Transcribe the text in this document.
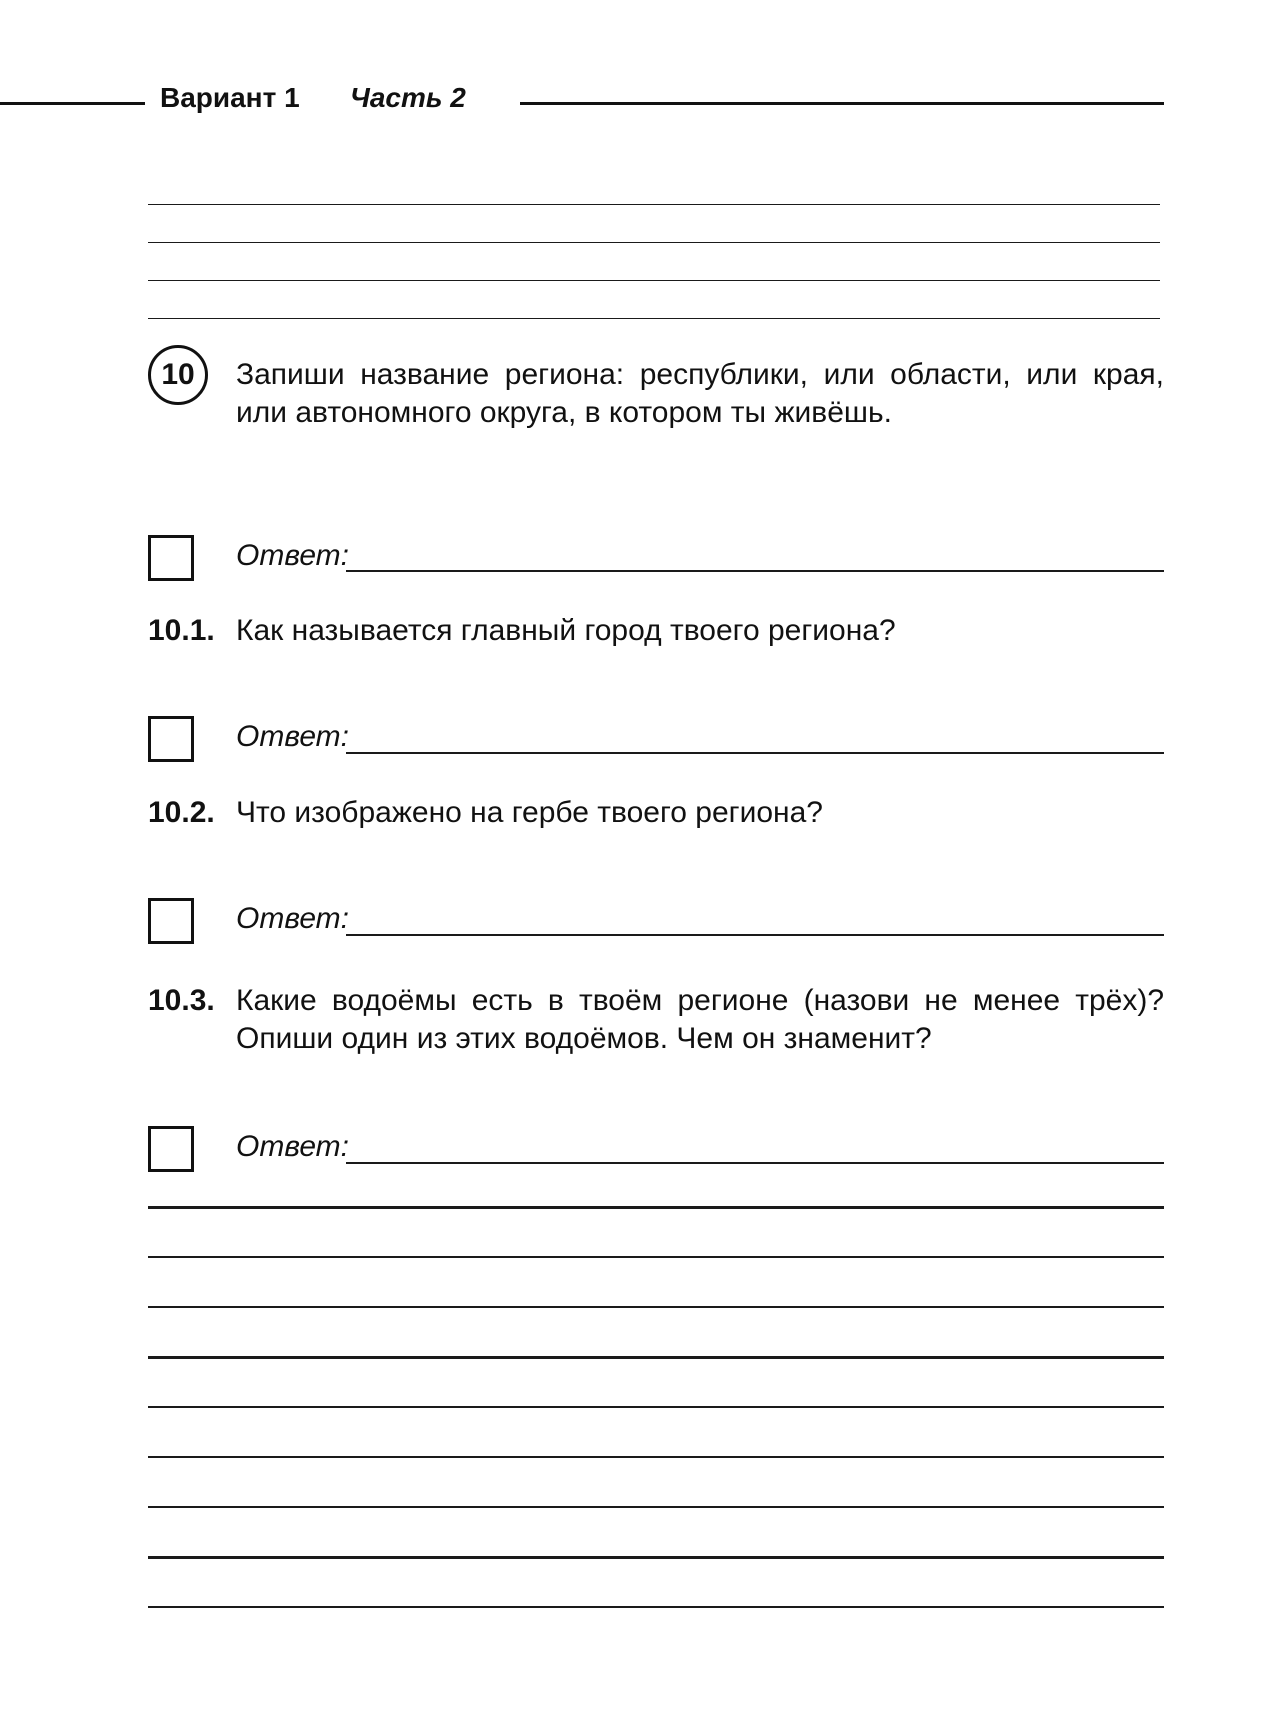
Вариант 1 Часть 2
10	Запиши название региона: республики, или области, или края, или автономного округа, в котором ты живёшь.
Ответ:
10.1. Как называется главный город твоего региона?
Ответ:
10.2. Что изображено на гербе твоего региона?
Ответ:
10.3. Какие водоёмы есть в твоём регионе (назови не менее трёх)? Опиши один из этих водоёмов. Чем он знаменит?
Ответ:
